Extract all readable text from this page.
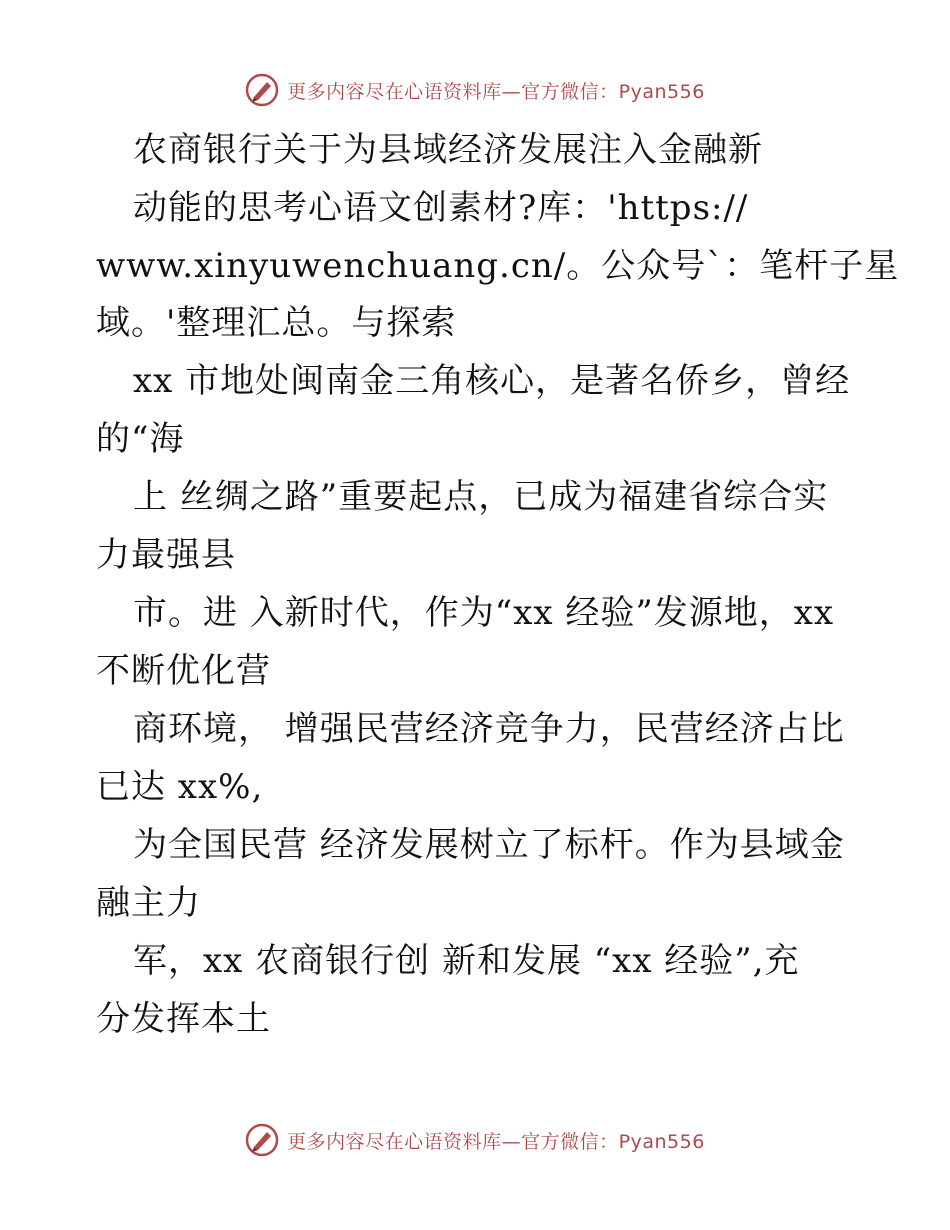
更多内容尽在心语资料库—官方微信：Pyan556
农商银行关于为县域经济发展注入金融新
动能的思考心语文创素材?库：'https://
www.xinyuwenchuang.cn/。公众号`：笔杆子星
域。'整理汇总。与探索
xx 市地处闽南金三角核心，是著名侨乡，曾经
的“海
上 丝绸之路”重要起点，已成为福建省综合实
力最强县
市。进 入新时代，作为“xx 经验”发源地，xx
不断优化营
商环境， 增强民营经济竞争力，民营经济占比
已达 xx%,
为全国民营 经济发展树立了标杆。作为县域金
融主力
军，xx 农商银行创 新和发展 “xx 经验”,充
分发挥本土
更多内容尽在心语资料库—官方微信：Pyan556
